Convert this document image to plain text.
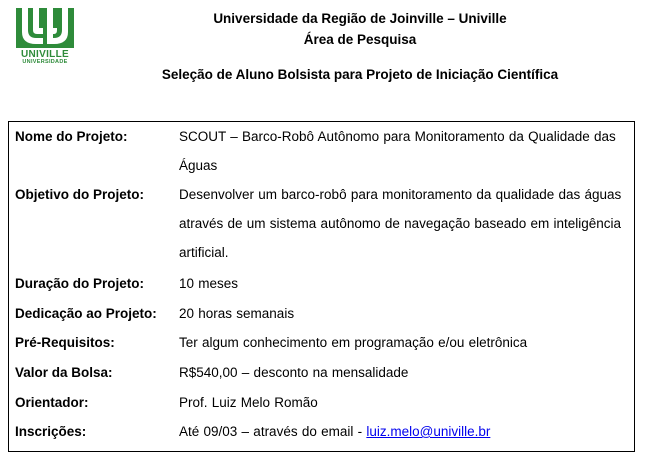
UNIVILLE
UNIVERSIDADE
Universidade da Região de Joinville – Univille
Área de Pesquisa
Seleção de Aluno Bolsista para Projeto de Iniciação Científica
Nome do Projeto:	SCOUT – Barco-Robô Autônomo para Monitoramento da Qualidade das Águas
Objetivo do Projeto:	Desenvolver um barco-robô para monitoramento da qualidade das águas através de um sistema autônomo de navegação baseado em inteligência artificial.
Duração do Projeto:	10 meses
Dedicação ao Projeto:	20 horas semanais
Pré-Requisitos:	Ter algum conhecimento em programação e/ou eletrônica
Valor da Bolsa:	R$540,00 – desconto na mensalidade
Orientador:	Prof. Luiz Melo Romão
Inscrições:	Até 09/03 – através do email - luiz.melo@univille.br
